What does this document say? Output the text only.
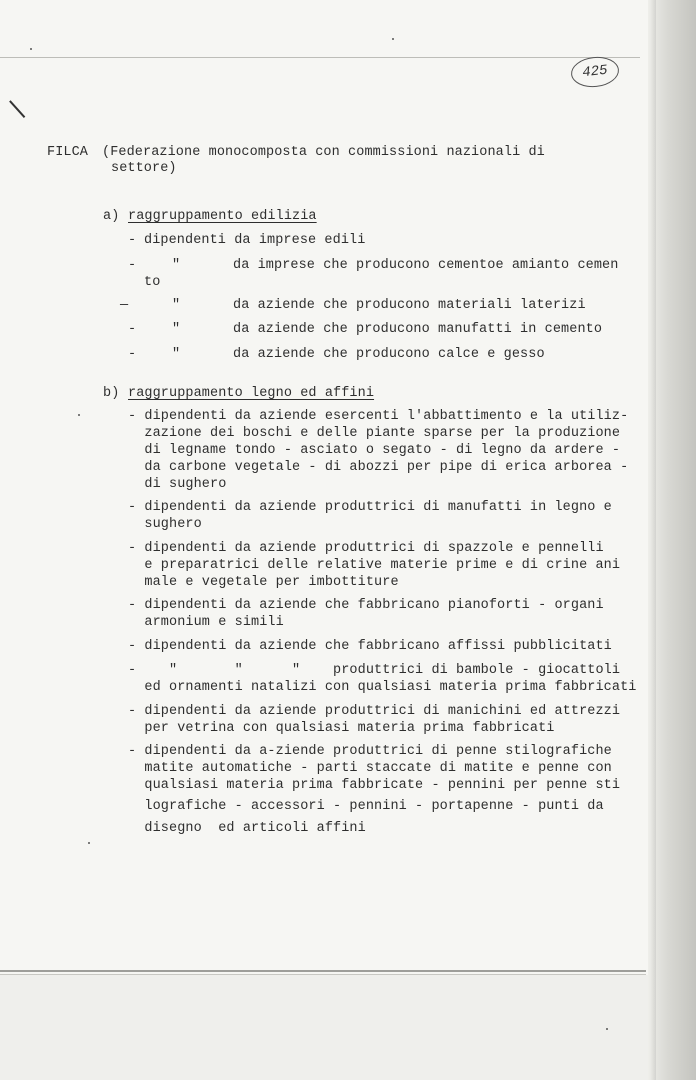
425
FILCA (Federazione monocomposta con commissioni nazionali di
settore)
a) raggruppamento edilizia
- dipendenti da imprese edili
-	"	da imprese che producono cementoe amianto cemen
to
—	"	da aziende che producono materiali laterizi
-	"	da aziende che producono manufatti in cemento
-	"	da aziende che producono calce e gesso
b) raggruppamento legno ed affini
- dipendenti da aziende esercenti l'abbattimento e la utiliz-
zazione dei boschi e delle piante sparse per la produzione
di legname tondo - asciato o segato - di legno da ardere -
da carbone vegetale - di abozzi per pipe di erica arborea -
di sughero
- dipendenti da aziende produttrici di manufatti in legno e
sughero
- dipendenti da aziende produttrici di spazzole e pennelli
e preparatrici delle relative materie prime e di crine ani
male e vegetale per imbottiture
- dipendenti da aziende che fabbricano pianoforti - organi
armonium e simili
- dipendenti da aziende che fabbricano affissi pubblicitati
-    "       "      "    produttrici di bambole - giocattoli
ed ornamenti natalizi con qualsiasi materia prima fabbricati
- dipendenti da aziende produttrici di manichini ed attrezzi
per vetrina con qualsiasi materia prima fabbricati
- dipendenti da a-ziende produttrici di penne stilografiche
matite automatiche - parti staccate di matite e penne con
qualsiasi materia prima fabbricate - pennini per penne sti
lografiche - accessori - pennini - portapenne - punti da
disegno  ed articoli affini
